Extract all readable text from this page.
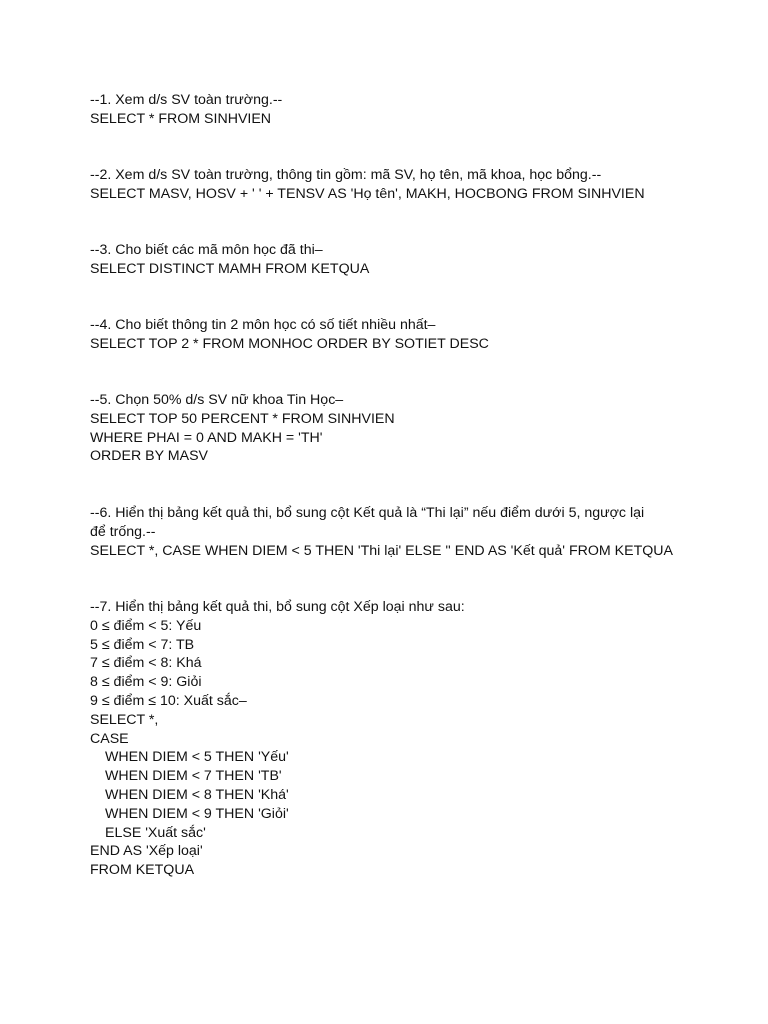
--1. Xem d/s SV toàn trường.--
SELECT * FROM SINHVIEN
--2. Xem d/s SV toàn trường, thông tin gồm: mã SV, họ tên, mã khoa, học bổng.--
SELECT MASV, HOSV + ' ' + TENSV AS 'Họ tên', MAKH, HOCBONG FROM SINHVIEN
--3. Cho biết các mã môn học đã thi–
SELECT DISTINCT MAMH FROM KETQUA
--4. Cho biết thông tin 2 môn học có số tiết nhiều nhất–
SELECT TOP 2 * FROM MONHOC ORDER BY SOTIET DESC
--5. Chọn 50% d/s SV nữ khoa Tin Học–
SELECT TOP 50 PERCENT * FROM SINHVIEN
WHERE PHAI = 0 AND MAKH = 'TH'
ORDER BY MASV
--6. Hiển thị bảng kết quả thi, bổ sung cột Kết quả là “Thi lại” nếu điểm dưới 5, ngược lại
để trống.--
SELECT *, CASE WHEN DIEM < 5 THEN 'Thi lại' ELSE '' END AS 'Kết quả' FROM KETQUA
--7. Hiển thị bảng kết quả thi, bổ sung cột Xếp loại như sau:
0 ≤ điểm < 5: Yếu
5 ≤ điểm < 7: TB
7 ≤ điểm < 8: Khá
8 ≤ điểm < 9: Giỏi
9 ≤ điểm ≤ 10: Xuất sắc–
SELECT *,
CASE
WHEN DIEM < 5 THEN 'Yếu'
WHEN DIEM < 7 THEN 'TB'
WHEN DIEM < 8 THEN 'Khá'
WHEN DIEM < 9 THEN 'Giỏi'
ELSE 'Xuất sắc'
END AS 'Xếp loại'
FROM KETQUA
